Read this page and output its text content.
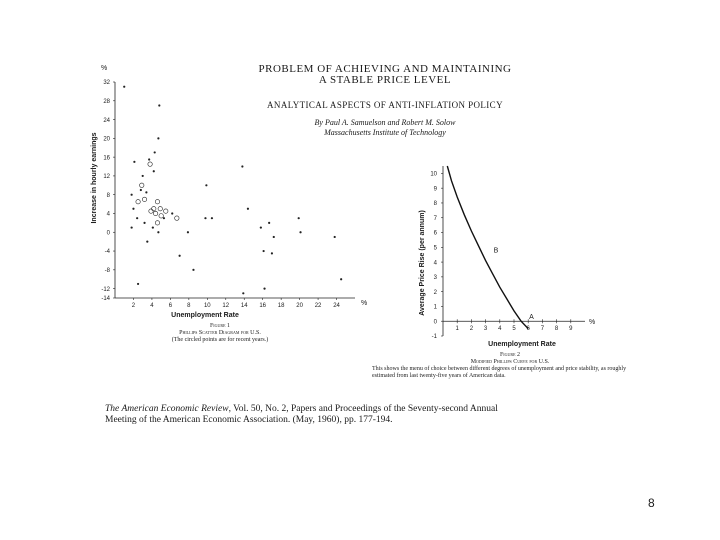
PROBLEM OF ACHIEVING AND MAINTAINING
A STABLE PRICE LEVEL
ANALYTICAL ASPECTS OF ANTI-INFLATION POLICY
By Paul A. Samuelson and Robert M. Solow
Massachusetts Institute of Technology
%
%
32
28
24
20
16
12
8
4
0
-4
-8
-12
-14
2	4	6	8 10 12 14 16 18 20 22 24
Unemployment Rate
Increase in hourly earnings
%
10
9
8
7
6
5
4
3
2
1
0
-1
1 2 3 4 5 6 7 8 9
Unemployment Rate
Average Price Rise (per annum)	B
A
Figure 1
Phillips Scatter Diagram for U.S.
(The circled points are for recent years.)
Figure 2
Modified Phillips Curve for U.S.
This shows the menu of choice between different degrees of unemployment and price stability, as roughly estimated from last twenty-five years of American data.
The American Economic Review, Vol. 50, No. 2, Papers and Proceedings of the Seventy-second Annual Meeting of the American Economic Association. (May, 1960), pp. 177-194.
8
